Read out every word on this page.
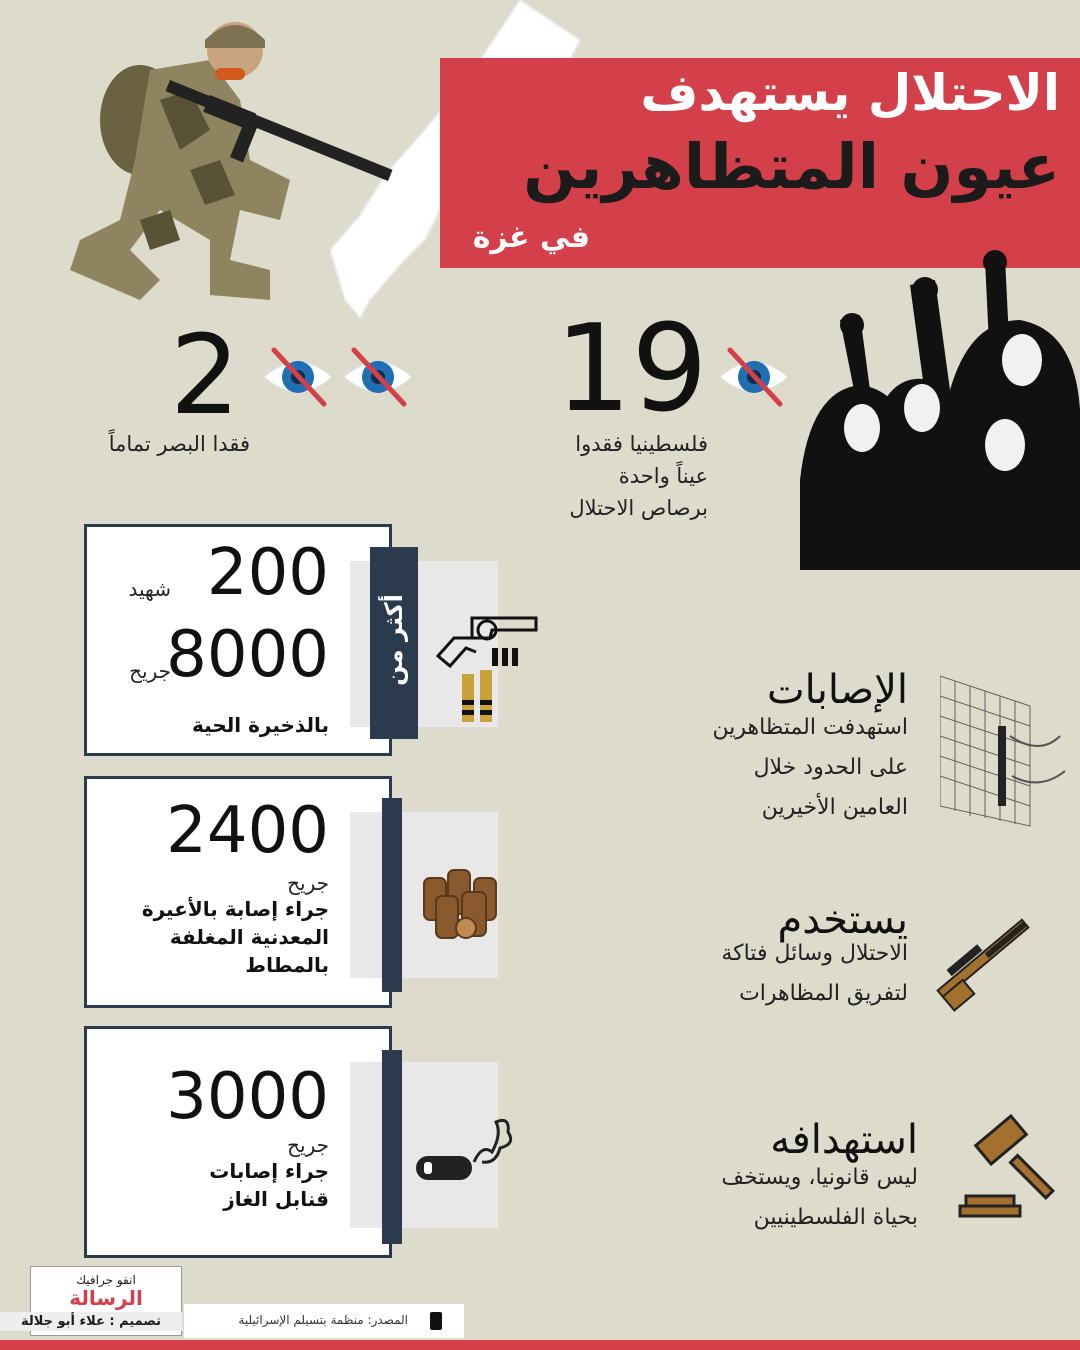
الاحتلال يستهدف
عيون المتظاهرين
في غزة
2
فقدا البصر تماماً
19
فلسطينيا فقدوا
عيناً واحدة
برصاص الاحتلال
200
شهيد
8000
جريح
بالذخيرة الحية
أكثر من
2400
جريح
جراء إصابة بالأعيرة
المعدنية المغلفة
بالمطاط
3000
جريح
جراء إصابات
قنابل الغاز
الإصابات
استهدفت المتظاهرين
على الحدود خلال
العامين الأخيرين
يستخدم
الاحتلال وسائل فتاكة
لتفريق المظاهرات
استهدافه
ليس قانونيا، ويستخف
بحياة الفلسطينيين
انفو جرافيك
الرسالة
تصميم : علاء أبو جلالة	المصدر: منظمة بتسيلم الإسرائيلية
